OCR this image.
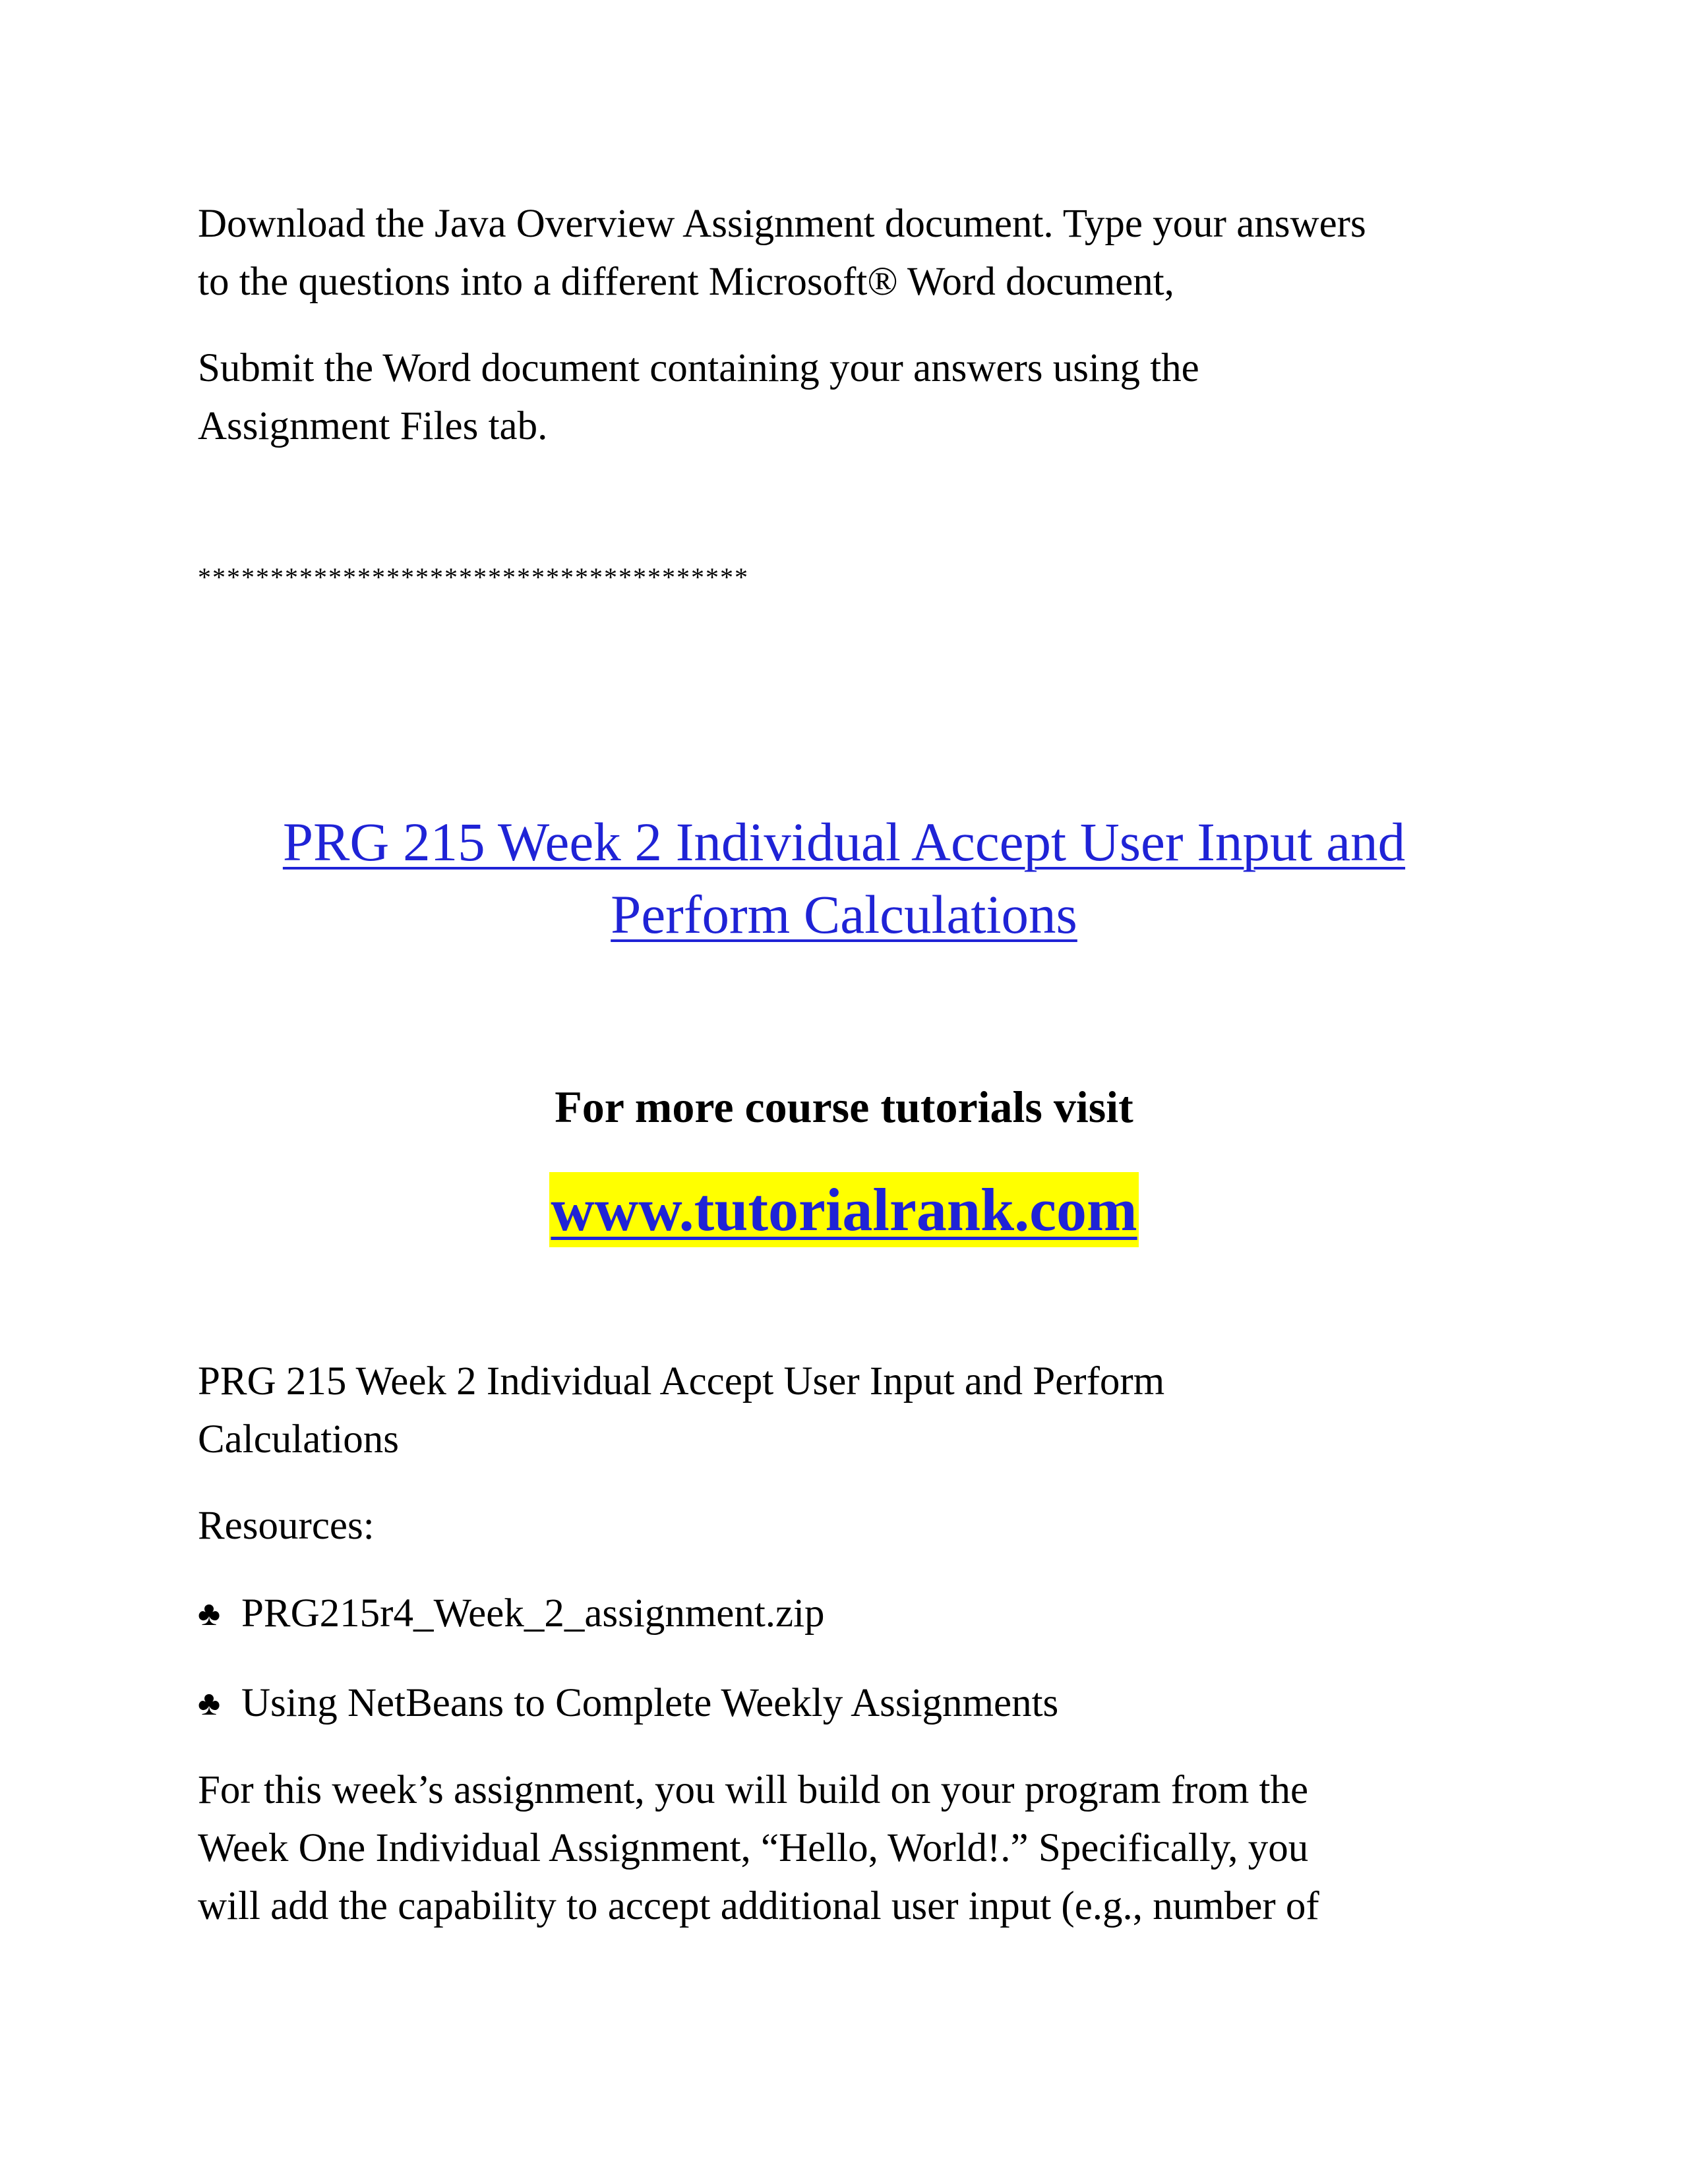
Download the Java Overview Assignment document. Type your answers

to the questions into a different Microsoft® Word document,

Submit the Word document containing your answers using the

Assignment Files tab.

**************************************

PRG 215 Week 2 Individual Accept User Input and
Perform Calculations

For more course tutorials visit

www.tutorialrank.com

PRG 215 Week 2 Individual Accept User Input and Perform

Calculations

Resources:

♣ PRG215r4_Week_2_assignment.zip

♣ Using NetBeans to Complete Weekly Assignments

For this week’s assignment, you will build on your program from the

Week One Individual Assignment, “Hello, World!.” Specifically, you

will add the capability to accept additional user input (e.g., number of
